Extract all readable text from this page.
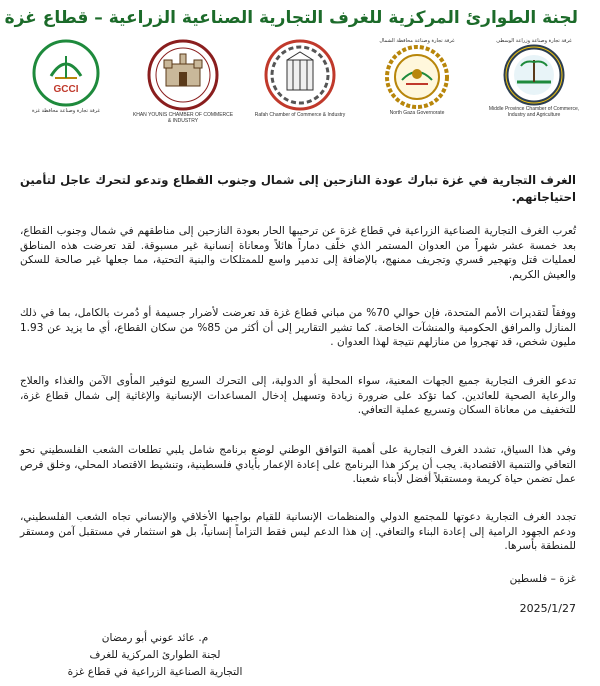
لجنة الطوارئ المركزية للغرف التجارية الصناعية الزراعية – قطاع غزة
GCCI
غرفة تجارة وصناعة محافظة غزة
KHAN YOUNIS CHAMBER OF COMMERCE & INDUSTRY
Rafah Chamber of Commerce & Industry
غرفة تجارة وصناعة محافظة الشمال
North Gaza Governorate
غرفة تجارة وصناعة وزراعة الوسطى
Middle Province Chamber of Commerce, Industry and Agriculture
الغرف التجارية في غزة تبارك عودة النازحين إلى شمال وجنوب القطاع وتدعو لتحرك عاجل لتأمين احتياجاتهم.

تُعرب الغرف التجارية الصناعية الزراعية في قطاع غزة عن ترحيبها الحار بعودة النازحين إلى مناطقهم في شمال وجنوب القطاع، بعد خمسة عشر شهراً من العدوان المستمر الذي خلّف دماراً هائلاً ومعاناة إنسانية غير مسبوقة. لقد تعرضت هذه المناطق لعمليات قتل وتهجير قسري وتجريف ممنهج، بالإضافة إلى تدمير واسع للممتلكات والبنية التحتية، مما جعلها غير صالحة للسكن والعيش الكريم.

ووفقاً لتقديرات الأمم المتحدة، فإن حوالي 70% من مباني قطاع غزة قد تعرضت لأضرار جسيمة أو دُمرت بالكامل، بما في ذلك المنازل والمرافق الحكومية والمنشآت الخاصة. كما تشير التقارير إلى أن أكثر من 85% من سكان القطاع، أي ما يزيد عن 1.93 مليون شخص، قد تهجروا من منازلهم نتيجة لهذا العدوان .

تدعو الغرف التجارية جميع الجهات المعنية، سواء المحلية أو الدولية، إلى التحرك السريع لتوفير المأوى الآمن والغذاء والعلاج والرعاية الصحية للعائدين. كما تؤكد على ضرورة زيادة وتسهيل إدخال المساعدات الإنسانية والإغاثية إلى شمال قطاع غزة، للتخفيف من معاناة السكان وتسريع عملية التعافي.

وفي هذا السياق، تشدد الغرف التجارية على أهمية التوافق الوطني لوضع برنامج شامل يلبي تطلعات الشعب الفلسطيني نحو التعافي والتنمية الاقتصادية. يجب أن يركز هذا البرنامج على إعادة الإعمار بأيادي فلسطينية، وتنشيط الاقتصاد المحلي، وخلق فرص عمل تضمن حياة كريمة ومستقبلاً أفضل لأبناء شعبنا.

تجدد الغرف التجارية دعوتها للمجتمع الدولي والمنظمات الإنسانية للقيام بواجبها الأخلاقي والإنساني تجاه الشعب الفلسطيني، ودعم الجهود الرامية إلى إعادة البناء والتعافي. إن هذا الدعم ليس فقط التزاماً إنسانياً، بل هو استثمار في مستقبل آمن ومستقر للمنطقة بأسرها.

غزة – فلسطين
2025/1/27
م. عائد عوني أبو رمضان
لجنة الطوارئ المركزية للغرف
التجارية الصناعية الزراعية في قطاع غزة
